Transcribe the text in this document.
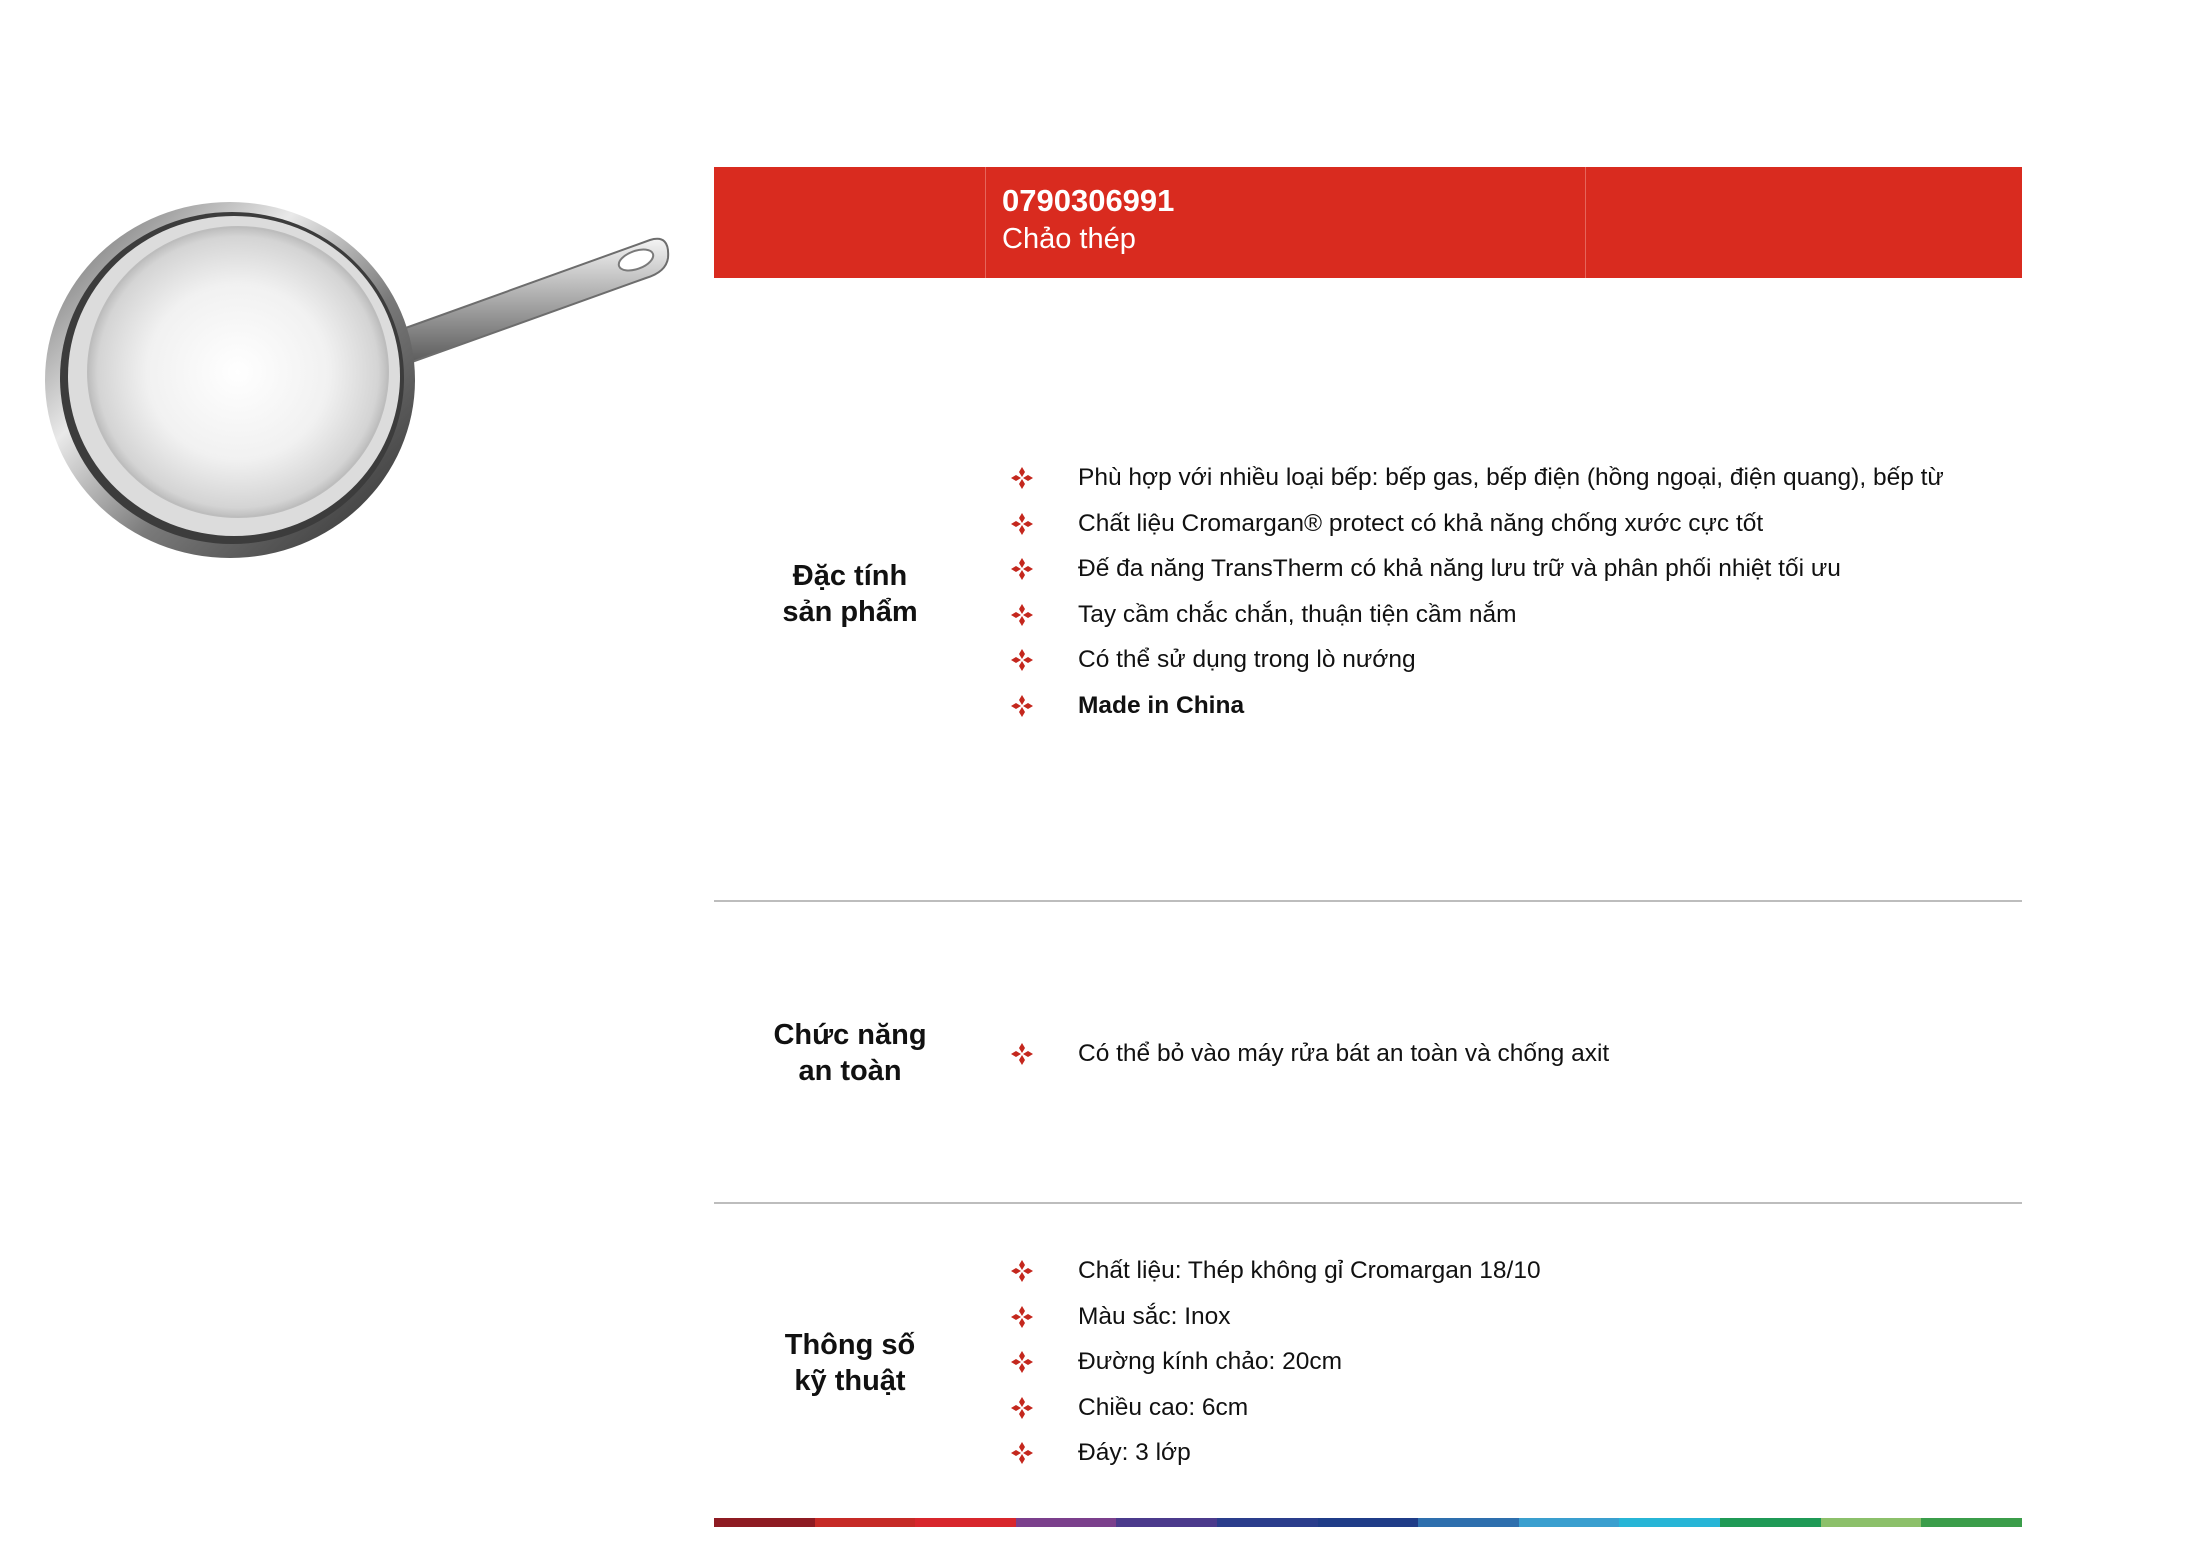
0790306991
Chảo thép
Đặc tính
sản phẩm
Phù hợp với nhiều loại bếp: bếp gas, bếp điện (hồng ngoại, điện quang), bếp từ
Chất liệu Cromargan® protect có khả năng chống xước cực tốt
Đế đa năng TransTherm có khả năng lưu trữ và phân phối nhiệt tối ưu
Tay cầm chắc chắn, thuận tiện cầm nắm
Có thể sử dụng trong lò nướng
Made in China
Chức năng
an toàn
Có thể bỏ vào máy rửa bát an toàn và chống axit
Thông số
kỹ thuật
Chất liệu: Thép không gỉ Cromargan 18/10
Màu sắc: Inox
Đường kính chảo: 20cm
Chiều cao: 6cm
Đáy: 3 lớp
